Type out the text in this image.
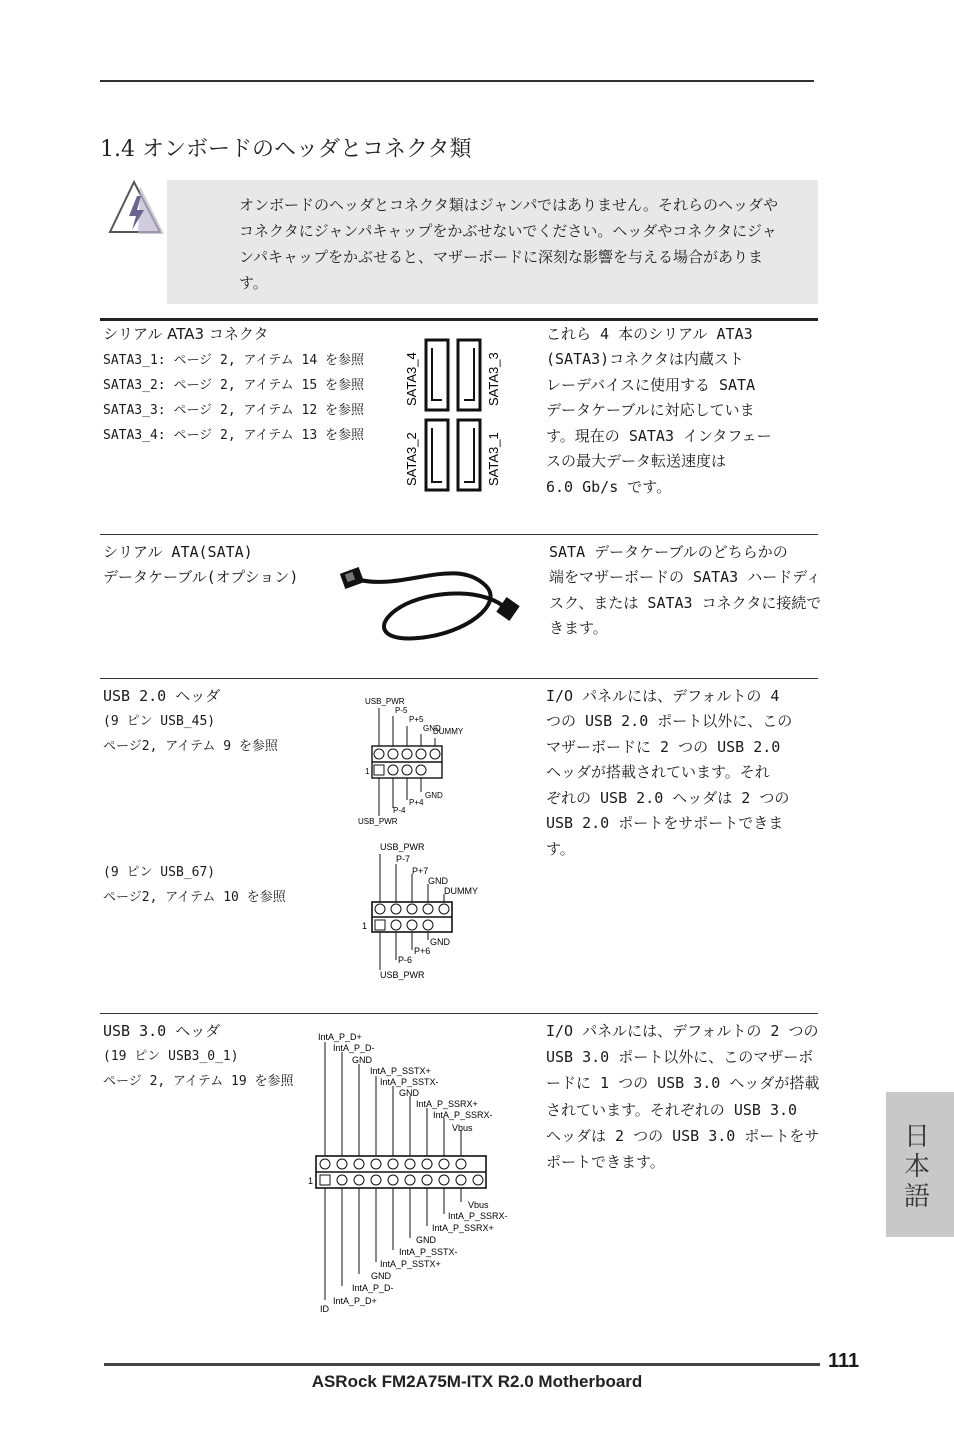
1.4 オンボードのヘッダとコネクタ類
オンボードのヘッダとコネクタ類はジャンパではありません。それらのヘッダやコネクタにジャンパキャップをかぶせないでください。ヘッダやコネクタにジャンパキャップをかぶせると、マザーボードに深刻な影響を与える場合があります。
シリアル ATA3 コネクタ
SATA3_1: ページ 2, アイテム 14 を参照
SATA3_2: ページ 2, アイテム 15 を参照
SATA3_3: ページ 2, アイテム 12 を参照
SATA3_4: ページ 2, アイテム 13 を参照
SATA3_4	SATA3_3
SATA3_2	SATA3_1
これら 4 本のシリアル ATA3
(SATA3)コネクタは内蔵スト
レーデバイスに使用する SATA
データケーブルに対応していま
す。現在の SATA3 インタフェー
スの最大データ転送速度は
6.0 Gb/s です。
シリアル ATA(SATA)
データケーブル(オプション)
SATA データケーブルのどちらかの
端をマザーボードの SATA3 ハードディ
スク、または SATA3 コネクタに接続で
きます。
USB 2.0 ヘッダ
(9 ピン USB_45)
ページ2, アイテム 9 を参照
(9 ピン USB_67)
ページ2, アイテム 10 を参照
1
USB_PWR
P-5
P+5
GND
DUMMY
GND
P+4
P-4
USB_PWR
1
USB_PWR
P-7
P+7
GND
DUMMY
GND
P+6
P-6
USB_PWR
I/O パネルには、デフォルトの 4
つの USB 2.0 ポート以外に、この
マザーボードに 2 つの USB 2.0
ヘッダが搭載されています。それ
ぞれの USB 2.0 ヘッダは 2 つの
USB 2.0 ポートをサポートできま
す。
USB 3.0 ヘッダ
(19 ピン USB3_0_1)
ページ 2, アイテム 19 を参照
1
IntA_P_D+
IntA_P_D-
GND
IntA_P_SSTX+
IntA_P_SSTX-
GND
IntA_P_SSRX+
IntA_P_SSRX-
Vbus
Vbus
IntA_P_SSRX-
IntA_P_SSRX+
GND
IntA_P_SSTX-
IntA_P_SSTX+
GND
IntA_P_D-
IntA_P_D+
ID
I/O パネルには、デフォルトの 2 つの
USB 3.0 ポート以外に、このマザーボ
ードに 1 つの USB 3.0 ヘッダが搭載
されています。それぞれの USB 3.0
ヘッダは 2 つの USB 3.0 ポートをサ
ポートできます。
日本語
111
ASRock FM2A75M-ITX R2.0 Motherboard
